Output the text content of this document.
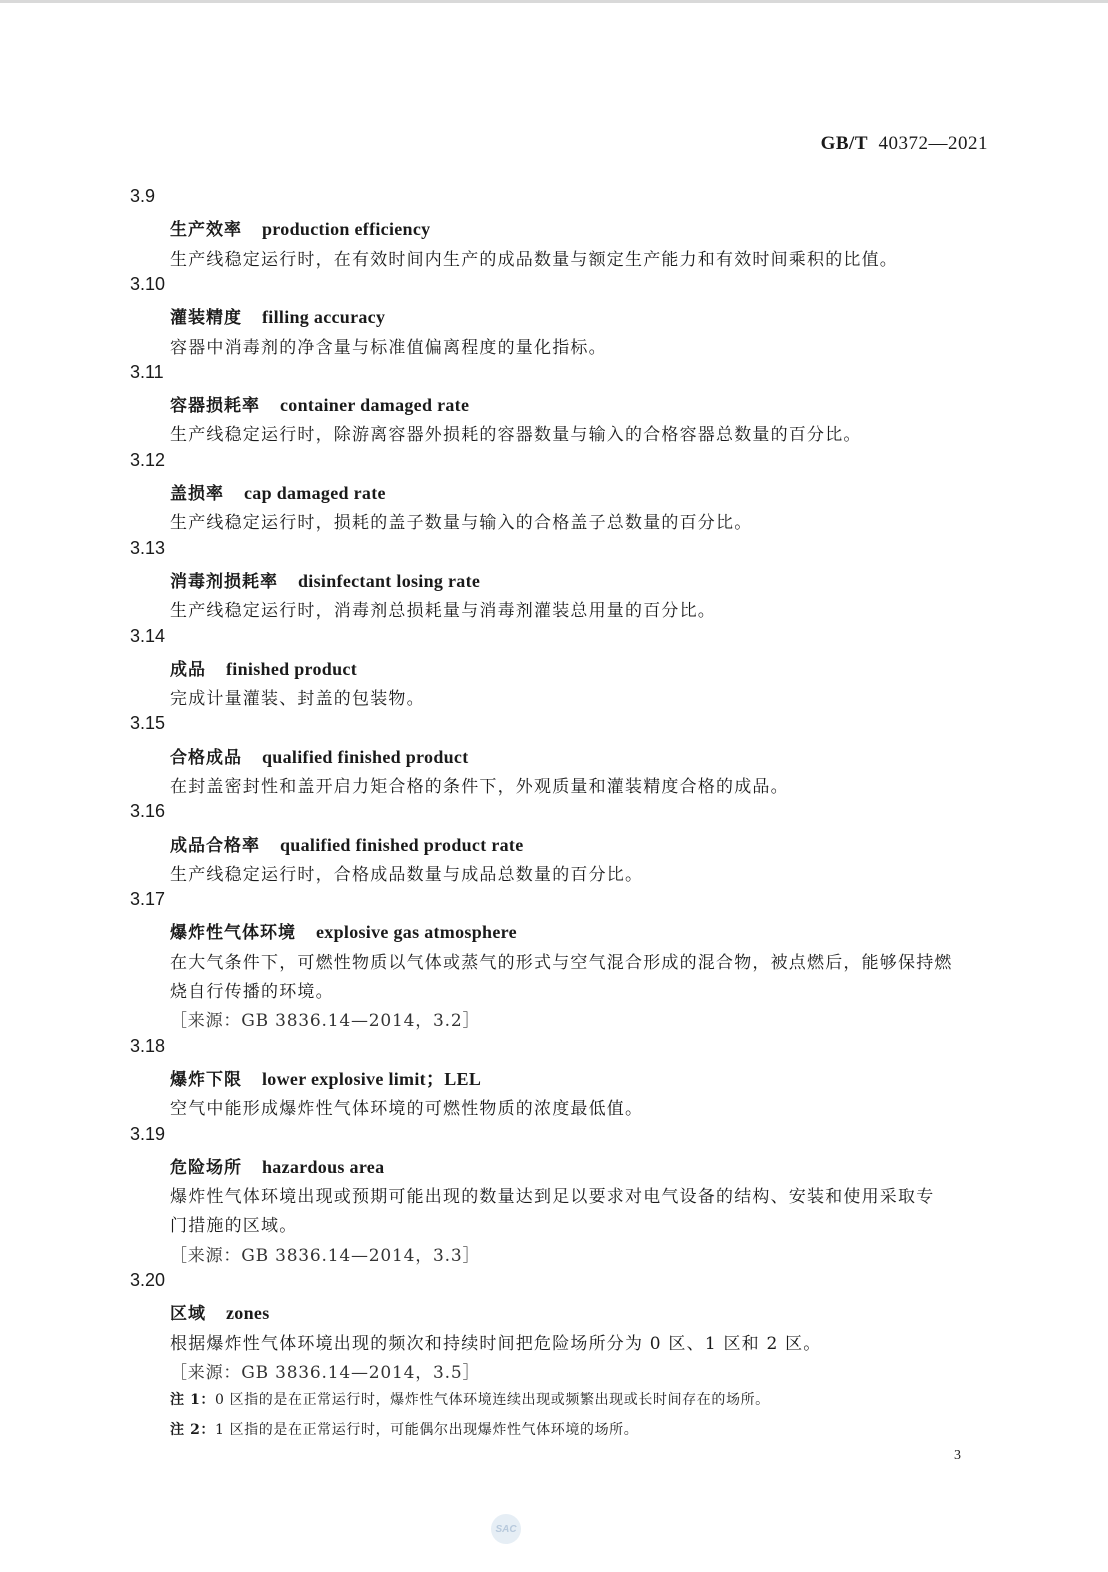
GB/T 40372—2021
3.9
生产效率 production efficiency
生产线稳定运行时，在有效时间内生产的成品数量与额定生产能力和有效时间乘积的比值。
3.10
灌装精度 filling accuracy
容器中消毒剂的净含量与标准值偏离程度的量化指标。
3.11
容器损耗率 container damaged rate
生产线稳定运行时，除游离容器外损耗的容器数量与输入的合格容器总数量的百分比。
3.12
盖损率 cap damaged rate
生产线稳定运行时，损耗的盖子数量与输入的合格盖子总数量的百分比。
3.13
消毒剂损耗率 disinfectant losing rate
生产线稳定运行时，消毒剂总损耗量与消毒剂灌装总用量的百分比。
3.14
成品 finished product
完成计量灌装、封盖的包装物。
3.15
合格成品 qualified finished product
在封盖密封性和盖开启力矩合格的条件下，外观质量和灌装精度合格的成品。
3.16
成品合格率 qualified finished product rate
生产线稳定运行时，合格成品数量与成品总数量的百分比。
3.17
爆炸性气体环境 explosive gas atmosphere
在大气条件下，可燃性物质以气体或蒸气的形式与空气混合形成的混合物，被点燃后，能够保持燃
烧自行传播的环境。
［来源：GB 3836.14—2014，3.2］
3.18
爆炸下限 lower explosive limit；LEL
空气中能形成爆炸性气体环境的可燃性物质的浓度最低值。
3.19
危险场所 hazardous area
爆炸性气体环境出现或预期可能出现的数量达到足以要求对电气设备的结构、安装和使用采取专
门措施的区域。
［来源：GB 3836.14—2014，3.3］
3.20
区域 zones
根据爆炸性气体环境出现的频次和持续时间把危险场所分为 0 区、1 区和 2 区。
［来源：GB 3836.14—2014，3.5］
注 1：0 区指的是在正常运行时，爆炸性气体环境连续出现或频繁出现或长时间存在的场所。
注 2：1 区指的是在正常运行时，可能偶尔出现爆炸性气体环境的场所。
3
SAC
